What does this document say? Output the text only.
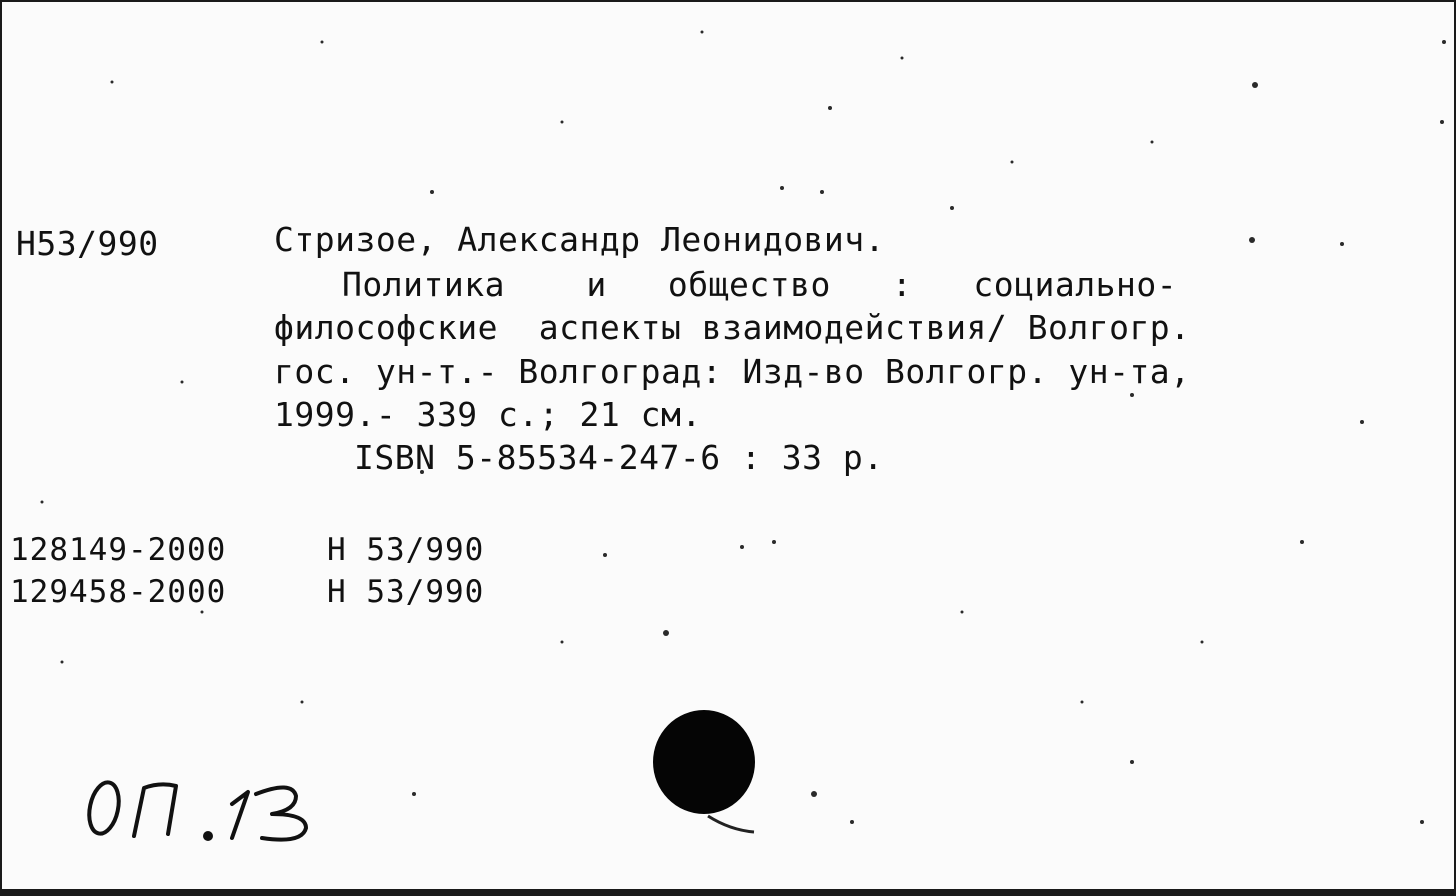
Н53/990	Стризое, Александр Леонидович.
Политика    и   общество   :   социально-
философские  аспекты взаимодействия/ Волгогр.
гос. ун-т.- Волгоград: Изд-во Волгогр. ун-та,
1999.- 339 с.; 21 см.
ISBN 5-85534-247-6 : 33 р.
128149-2000	Н 53/990
129458-2000	Н 53/990
